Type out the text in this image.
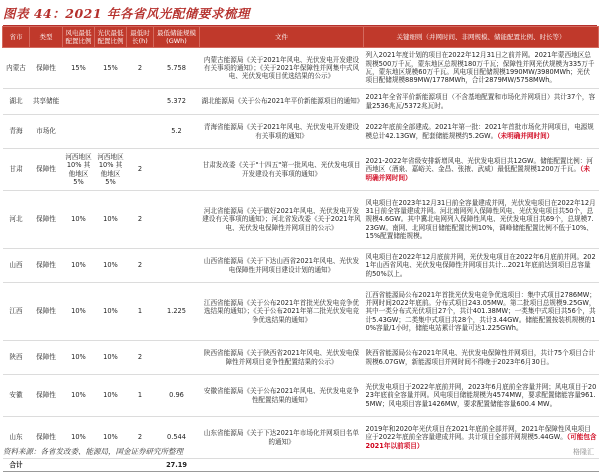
图表 44：2021 年各省风光配储要求梳理
省市	类型	风电最低配置比例	光伏最低配置比例	最低时长(h)	最低储能规模(GWh)	文件	关键细则（并网时间、非网规模、储能配置比例、时长等）
内蒙古	保障性	15%	15%	2	5.758	内蒙古能源局《关于2021年风电、光伏发电开发建设有关事项的通知》；《关于2021年保障性并网集中式风电、光伏发电项目优选结果的公示》	列入2021年度计划的项目在2022年12月31日之前并网。2021年蒙西地区总规模500万千瓦，蒙东地区总规模180万千瓦；保障性并网光伏规模为335万千瓦，蒙东地区规模60万千瓦。风电项目配储规模1990MW/3980MWh；光伏项目配储规模889MW/1778MWh，合计2879MW/5758MWh。
湖北	共享储能				5.372	湖北能源局《关于公布2021年平价新能源项目的通知》	2021年全省平价新能源项目（不含基地配置和市场化并网项目）共计37个，容量2536兆瓦/5372兆瓦时。
青海	市场化				5.2	青海省能源局《关于2021年风电、光伏发电开发建设有关事项的通知》	2022年底前全部建成。2021年第一批：2021年首批市场化并网项目，电源规模总计42.13GW，配套储能规模约5.2GW。（未明确并网时间）
甘肃	保障性	河西地区10% 其他地区5%	河西地区10% 其他地区5%	2		甘肃发改委《关于"十四五"第一批风电、光伏发电项目开发建设有关事项的通知》	2021-2022年省级安排新增风电、光伏发电项目共12GW。储能配置比例：河西地区（酒泉、嘉峪关、金昌、张掖、武威）最低配置规模1200万千瓦。（未明确并网时间）
河北	保障性	10%	10%	2		河北省能源局《关于做好2021年风电、光伏发电开发建设有关事项的通知》；河北省发改委《关于2021年风电、光伏发电保障性并网项目的公示》	风电项目在2023年12月31日前全容量建成并网，光伏发电项目在2022年12月31日前全容量建成并网。河北南网列入保障性风电、光伏发电项目共50个，总规模4.6GW。其中冀北电网列入保障性风电、光伏发电项目共69个，总规模7.23GW。南网、北网项目储能配置比例10%，调峰储能配置比例不低于10%、15%配置储能规模。
山西	保障性	10%	10%	2		山西省能源局《关于下达山西省2021年风电、光伏发电保障性并网项目建设计划的通知》	风电项目在2022年12月底前并网，光伏发电项目在2022年6月底前并网。2021年山西省风电、光伏发电保障性并网项目共计...2021年底前达到项目总容量的50%以上。
江西	保障性	10%	10%	1	1.225	江西省能源局《关于公布2021年首批光伏发电竞争优选结果的通知》；《关于公布2021年第二批光伏发电竞争优选结果的通知》	江西省能源局公布2021年首批光伏发电竞争优选项目：集中式项目2786MW；并网时间2022年底前。分布式项目243.05MW。第二批项目总规模9.25GW，其中一类分布式光伏项目27个，共计401.38MW；一类集中式项目共56个，共计5.43GW；二类集中式项目共28个，共计3.44GW。储能配置按装机规模的10%容量/1小时，储能电站累计容量可达1.225GWh。
陕西	保障性	10%	10%	2		陕西省能源局《关于陕西省2021年风电、光伏发电保障性并网项目竞争性配置结果的公示》	陕西省能源局公布2021年风电、光伏发电保障性并网项目，共计75个项目合计规模6.07GW，新能源项目并网时间不得晚于2023年6月30日。
安徽	保障性	10%	10%	1	0.96	安徽省能源局《关于公布2021年风电、光伏发电竞争性配置结果的通知》	光伏发电项目于2022年底前并网，2023年6月底前全容量并网；风电项目于2023年底前全容量并网。风电项目储能规模为4574MW，要求配置储能容量961.5MW；风电项目容量1426MW，要求配置储能容量600.4 MW。
山东	保障性	10%	10%	2	0.544	山东省能源局《关于下达2021年市场化并网项目名单的通知》	2019年和2020年光伏项目在2021年底前全部并网，2021年保障性风电项目应于2022年底前全容量建成并网。共计项目全部并网规模5.44GW。（可能包含2021年以前项目）
合计					27.19		
资料来源：各省发改委、能源局，国金证券研究所整理	格隆汇
